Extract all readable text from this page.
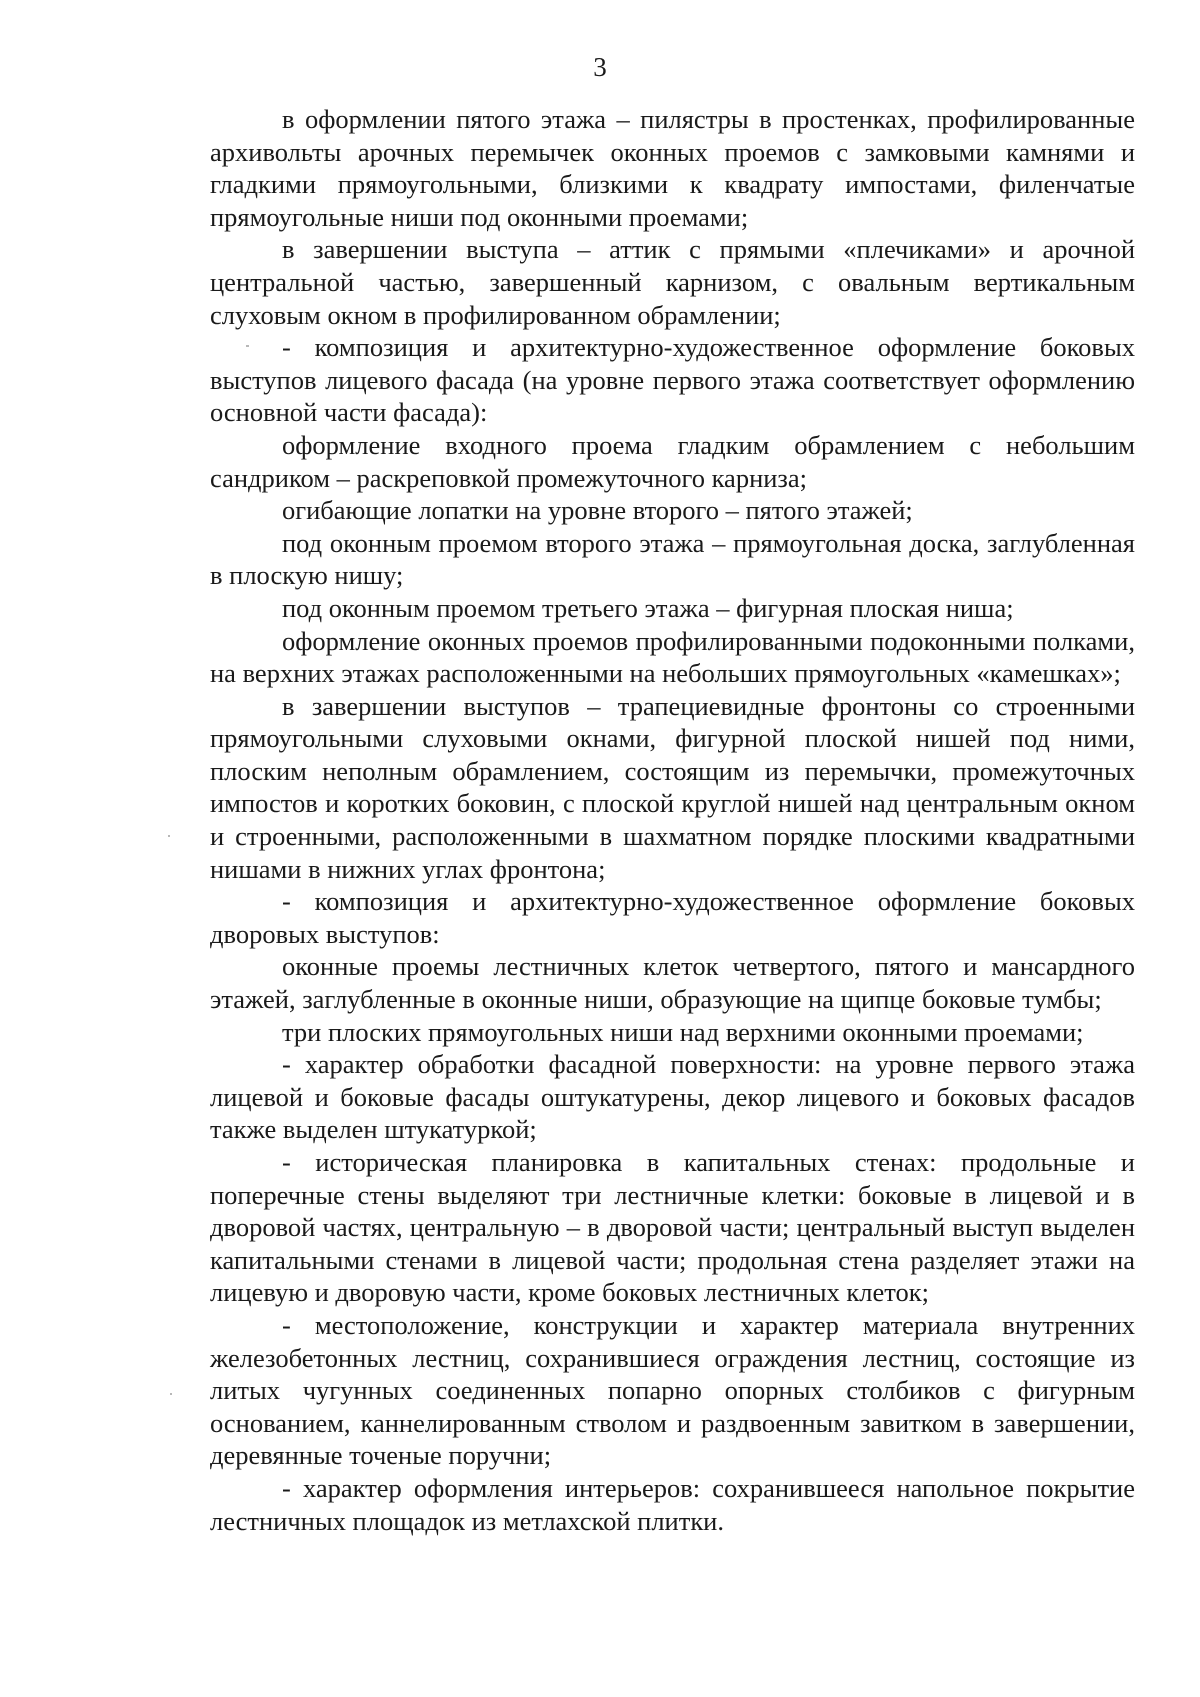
3

в оформлении пятого этажа – пилястры в простенках, профилированные архивольты арочных перемычек оконных проемов с замковыми камнями и гладкими прямоугольными, близкими к квадрату импостами, филенчатые прямоугольные ниши под оконными проемами;

в завершении выступа – аттик с прямыми «плечиками» и арочной центральной частью, завершенный карнизом, с овальным вертикальным слуховым окном в профилированном обрамлении;

- композиция и архитектурно-художественное оформление боковых выступов лицевого фасада (на уровне первого этажа соответствует оформлению основной части фасада):

оформление входного проема гладким обрамлением с небольшим сандриком – раскреповкой промежуточного карниза;

огибающие лопатки на уровне второго – пятого этажей;

под оконным проемом второго этажа – прямоугольная доска, заглубленная в плоскую нишу;

под оконным проемом третьего этажа – фигурная плоская ниша;

оформление оконных проемов профилированными подоконными полками, на верхних этажах расположенными на небольших прямоугольных «камешках»;

в завершении выступов – трапециевидные фронтоны со строенными прямоугольными слуховыми окнами, фигурной плоской нишей под ними, плоским неполным обрамлением, состоящим из перемычки, промежуточных импостов и коротких боковин, с плоской круглой нишей над центральным окном и строенными, расположенными в шахматном порядке плоскими квадратными нишами в нижних углах фронтона;

- композиция и архитектурно-художественное оформление боковых дворовых выступов:

оконные проемы лестничных клеток четвертого, пятого и мансардного этажей, заглубленные в оконные ниши, образующие на щипце боковые тумбы;

три плоских прямоугольных ниши над верхними оконными проемами;

- характер обработки фасадной поверхности: на уровне первого этажа лицевой и боковые фасады оштукатурены, декор лицевого и боковых фасадов также выделен штукатуркой;

- историческая планировка в капитальных стенах: продольные и поперечные стены выделяют три лестничные клетки: боковые в лицевой и в дворовой частях, центральную – в дворовой части; центральный выступ выделен капитальными стенами в лицевой части; продольная стена разделяет этажи на лицевую и дворовую части, кроме боковых лестничных клеток;

- местоположение, конструкции и характер материала внутренних железобетонных лестниц, сохранившиеся ограждения лестниц, состоящие из литых чугунных соединенных попарно опорных столбиков с фигурным основанием, каннелированным стволом и раздвоенным завитком в завершении, деревянные точеные поручни;

- характер оформления интерьеров: сохранившееся напольное покрытие лестничных площадок из метлахской плитки.
